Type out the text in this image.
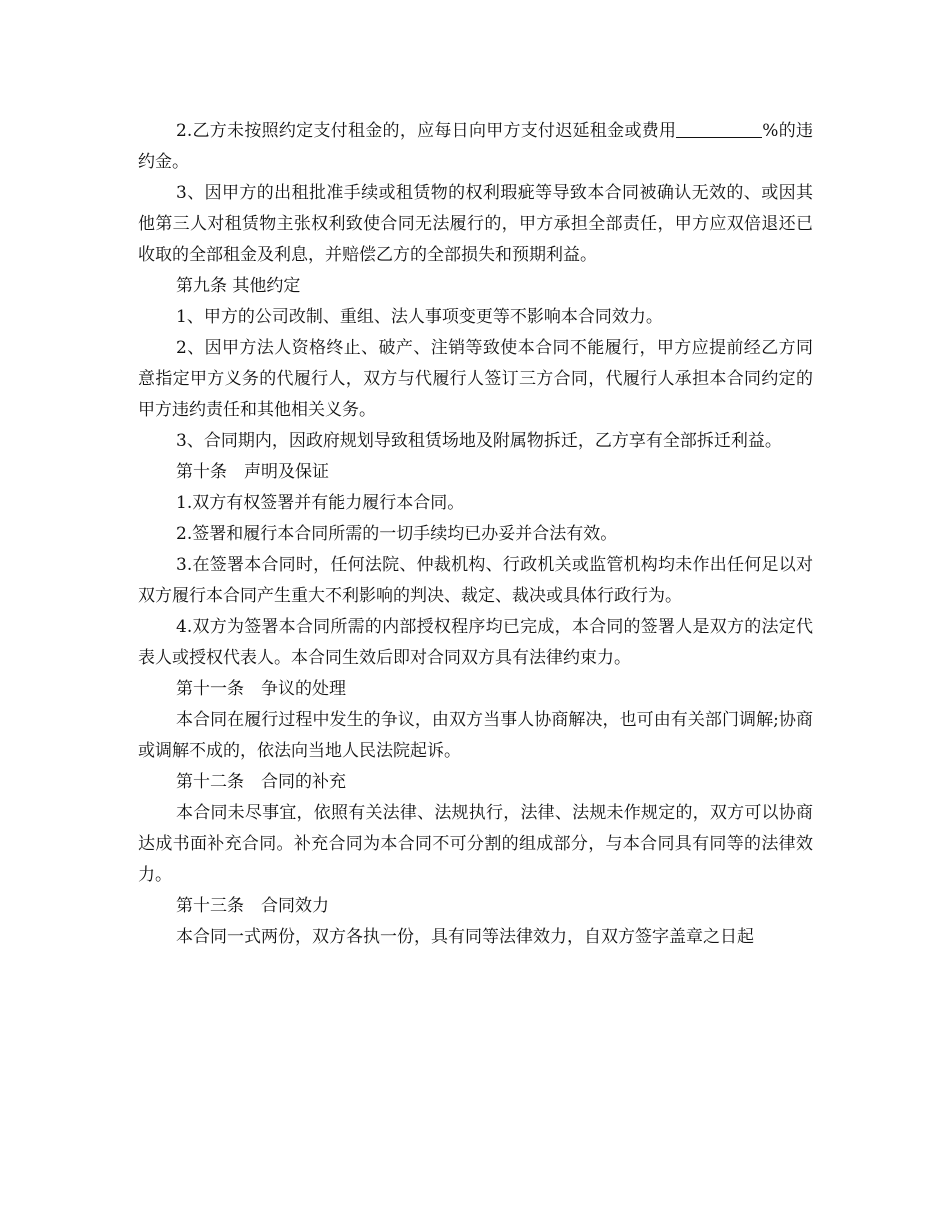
2.乙方未按照约定支付租金的，应每日向甲方支付迟延租金或费用	%的违约金。

3、因甲方的出租批准手续或租赁物的权利瑕疵等导致本合同被确认无效的、或因其他第三人对租赁物主张权利致使合同无法履行的，甲方承担全部责任，甲方应双倍退还已收取的全部租金及利息，并赔偿乙方的全部损失和预期利益。

第九条 其他约定

1、甲方的公司改制、重组、法人事项变更等不影响本合同效力。

2、因甲方法人资格终止、破产、注销等致使本合同不能履行，甲方应提前经乙方同意指定甲方义务的代履行人，双方与代履行人签订三方合同，代履行人承担本合同约定的甲方违约责任和其他相关义务。

3、合同期内，因政府规划导致租赁场地及附属物拆迁，乙方享有全部拆迁利益。

第十条　声明及保证

1.双方有权签署并有能力履行本合同。

2.签署和履行本合同所需的一切手续均已办妥并合法有效。

3.在签署本合同时，任何法院、仲裁机构、行政机关或监管机构均未作出任何足以对双方履行本合同产生重大不利影响的判决、裁定、裁决或具体行政行为。

4.双方为签署本合同所需的内部授权程序均已完成，本合同的签署人是双方的法定代表人或授权代表人。本合同生效后即对合同双方具有法律约束力。

第十一条　争议的处理

本合同在履行过程中发生的争议，由双方当事人协商解决，也可由有关部门调解;协商或调解不成的，依法向当地人民法院起诉。

第十二条　合同的补充

本合同未尽事宜，依照有关法律、法规执行，法律、法规未作规定的，双方可以协商达成书面补充合同。补充合同为本合同不可分割的组成部分，与本合同具有同等的法律效力。

第十三条　合同效力

本合同一式两份，双方各执一份，具有同等法律效力，自双方签字盖章之日起
